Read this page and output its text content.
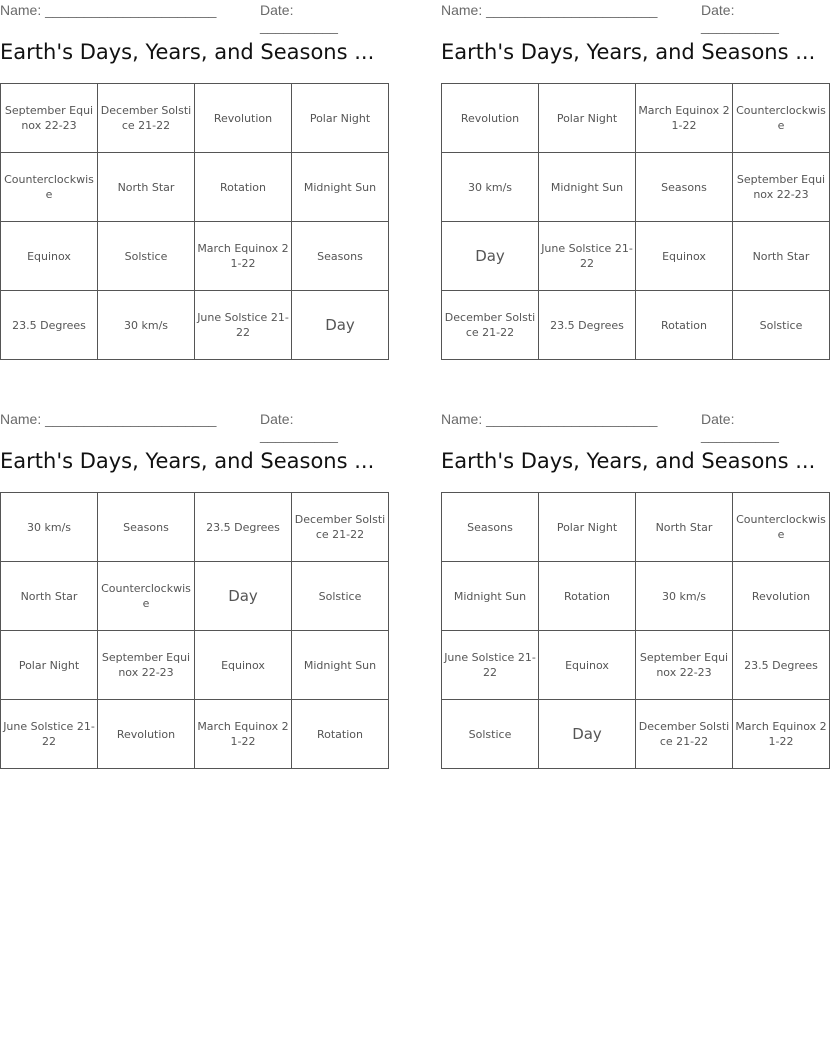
Name: ______________________	Date: __________
Earth's Days, Years, and Seasons ...
September Equinox 22-23	December Solstice 21-22	Revolution	Polar Night
Counterclockwise	North Star	Rotation	Midnight Sun
Equinox	Solstice	March Equinox 21-22	Seasons
23.5 Degrees	30 km/s	June Solstice 21-22	Day
Name: ______________________	Date: __________
Earth's Days, Years, and Seasons ...
Revolution	Polar Night	March Equinox 21-22	Counterclockwise
30 km/s	Midnight Sun	Seasons	September Equinox 22-23
Day	June Solstice 21-22	Equinox	North Star
December Solstice 21-22	23.5 Degrees	Rotation	Solstice
Name: ______________________	Date: __________
Earth's Days, Years, and Seasons ...
30 km/s	Seasons	23.5 Degrees	December Solstice 21-22
North Star	Counterclockwise	Day	Solstice
Polar Night	September Equinox 22-23	Equinox	Midnight Sun
June Solstice 21-22	Revolution	March Equinox 21-22	Rotation
Name: ______________________	Date: __________
Earth's Days, Years, and Seasons ...
Seasons	Polar Night	North Star	Counterclockwise
Midnight Sun	Rotation	30 km/s	Revolution
June Solstice 21-22	Equinox	September Equinox 22-23	23.5 Degrees
Solstice	Day	December Solstice 21-22	March Equinox 21-22
